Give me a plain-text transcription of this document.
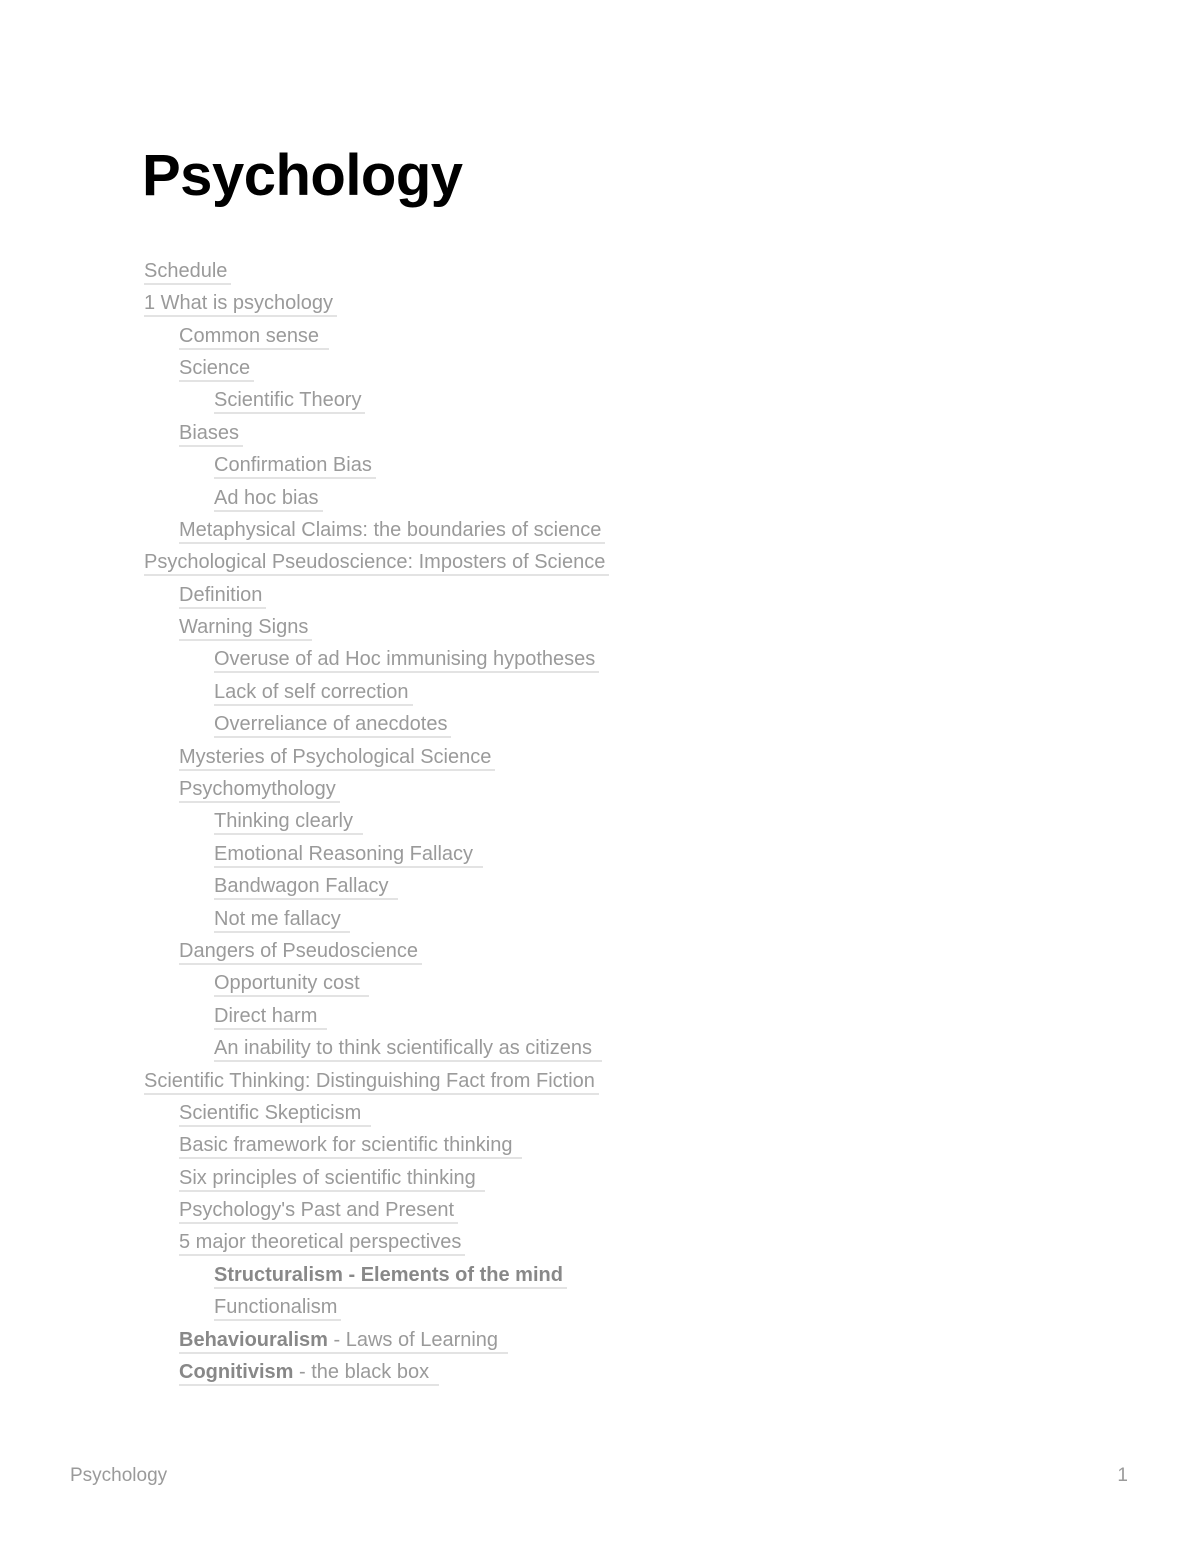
Psychology
Schedule
1 What is psychology
Common sense
Science
Scientific Theory
Biases
Confirmation Bias
Ad hoc bias
Metaphysical Claims: the boundaries of science
Psychological Pseudoscience: Imposters of Science
Definition
Warning Signs
Overuse of ad Hoc immunising hypotheses
Lack of self correction
Overreliance of anecdotes
Mysteries of Psychological Science
Psychomythology
Thinking clearly
Emotional Reasoning Fallacy
Bandwagon Fallacy
Not me fallacy
Dangers of Pseudoscience
Opportunity cost
Direct harm
An inability to think scientifically as citizens
Scientific Thinking: Distinguishing Fact from Fiction
Scientific Skepticism
Basic framework for scientific thinking
Six principles of scientific thinking
Psychology's Past and Present
5 major theoretical perspectives
Structuralism - Elements of the mind
Functionalism
Behaviouralism - Laws of Learning
Cognitivism - the black box
Psychology	1
